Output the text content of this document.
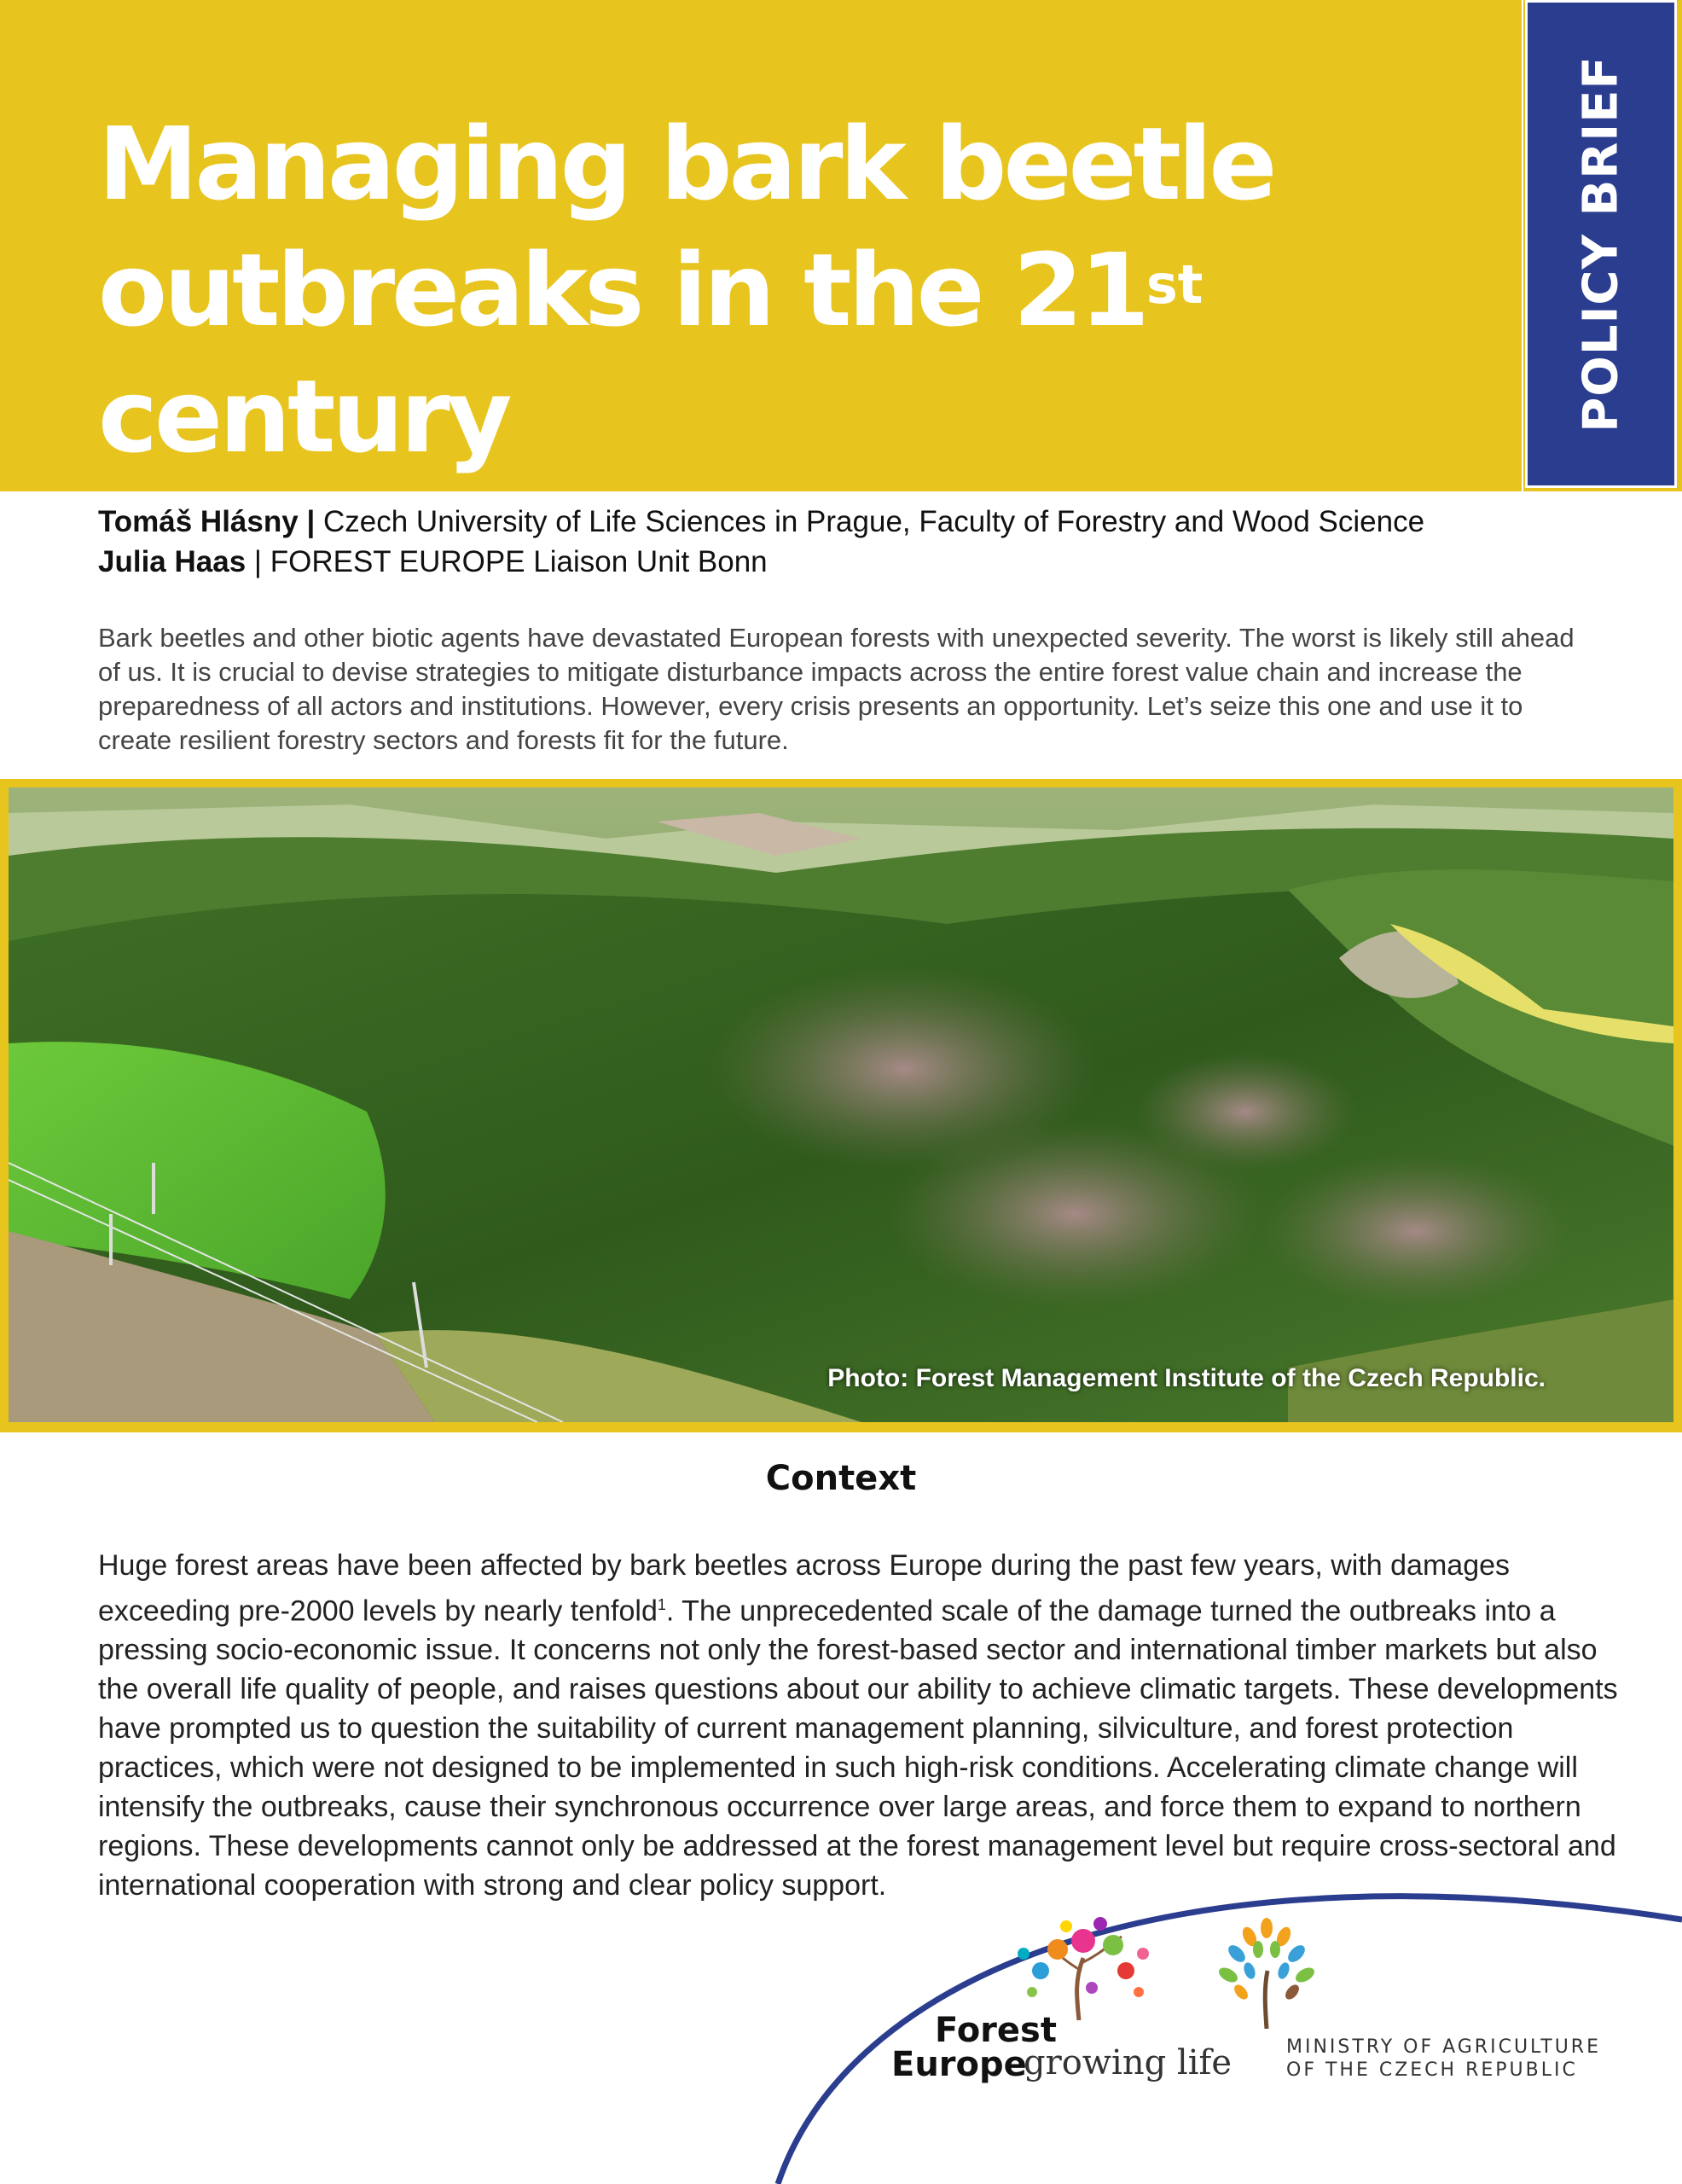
Managing bark beetle
outbreaks in the 21st
century	POLICY BRIEF
Tomáš Hlásny | Czech University of Life Sciences in Prague, Faculty of Forestry and Wood Science
Julia Haas | FOREST EUROPE Liaison Unit Bonn

Bark beetles and other biotic agents have devastated European forests with unexpected severity. The worst is likely still ahead of us. It is crucial to devise strategies to mitigate disturbance impacts across the entire forest value chain and increase the preparedness of all actors and institutions. However, every crisis presents an opportunity. Let’s seize this one and use it to create resilient forestry sectors and forests fit for the future.

Photo: Forest Management Institute of the Czech Republic.
Context

Huge forest areas have been affected by bark beetles across Europe during the past few years, with damages exceeding pre-2000 levels by nearly tenfold$^1$. The unprecedented scale of the damage turned the outbreaks into a pressing socio-economic issue. It concerns not only the forest-based sector and international timber markets but also the overall life quality of people, and raises questions about our ability to achieve climatic targets. These developments have prompted us to question the suitability of current management planning, silviculture, and forest protection practices, which were not designed to be implemented in such high-risk conditions. Accelerating climate change will intensify the outbreaks, cause their synchronous occurrence over large areas, and force them to expand to northern regions. These developments cannot only be addressed at the forest management level but require cross-sectoral and international cooperation with strong and clear policy support.

Forest
Europe
growing life	MINISTRY OF AGRICULTURE
OF THE CZECH REPUBLIC
